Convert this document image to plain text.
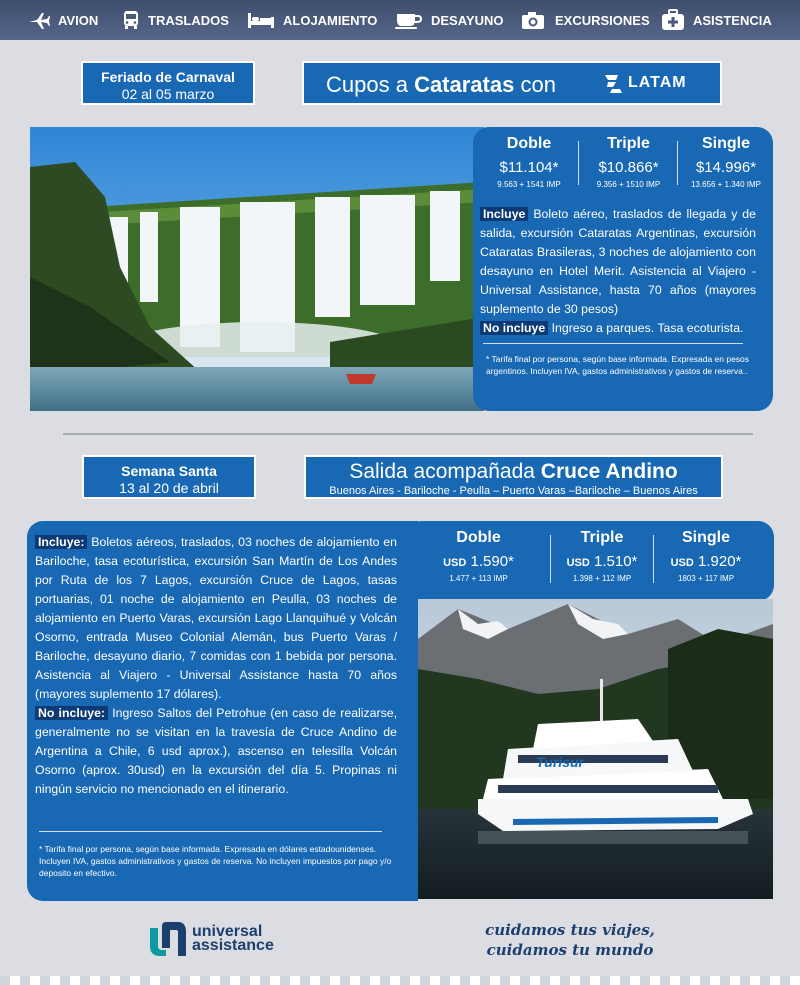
AVION	TRASLADOS	ALOJAMIENTO	DESAYUNO	EXCURSIONES	ASISTENCIA
Feriado de Carnaval
02 al 05 marzo	Cupos a Cataratas con	LATAM
Doble
$11.104*
9.563 + 1541 IMP
Triple
$10.866*
9.356 + 1510 IMP
Single
$14.996*
13.656 + 1.340 IMP
Incluye Boleto aéreo, traslados de llegada y de salida, excursión Cataratas Argentinas, excursión Cataratas Brasileras, 3 noches de alojamiento con desayuno en Hotel Merit. Asistencia al Viajero - Universal Assistance, hasta 70 años (mayores suplemento de 30 pesos)
No incluye Ingreso a parques. Tasa ecoturista.
* Tarifa final por persona, según base informada. Expresada en pesos argentinos. Incluyen IVA, gastos administrativos y gastos de reserva..
Semana Santa
13 al 20 de abril
Salida acompañada Cruce Andino
Buenos Aires - Bariloche - Peulla – Puerto Varas –Bariloche – Buenos Aires
Doble
USD 1.590*
1.477 + 113 IMP
Triple
USD 1.510*
1.398 + 112 IMP
Single
USD 1.920*
1803 + 117 IMP
Turisur
Incluye: Boletos aéreos, traslados, 03 noches de alojamiento en Bariloche, tasa ecoturística, excursión San Martín de Los Andes por Ruta de los 7 Lagos, excursión Cruce de Lagos, tasas portuarias, 01 noche de alojamiento en Peulla, 03 noches de alojamiento en Puerto Varas, excursión Lago Llanquihué y Volcán Osorno, entrada Museo Colonial Alemán, bus Puerto Varas / Bariloche, desayuno diario, 7 comidas con 1 bebida por persona. Asistencia al Viajero - Universal Assistance hasta 70 años (mayores suplemento 17 dólares).
No incluye: Ingreso Saltos del Petrohue (en caso de realizarse, generalmente no se visitan en la travesía de Cruce Andino de Argentina a Chile, 6 usd aprox.), ascenso en telesilla Volcán Osorno (aprox. 30usd) en la excursión del día 5. Propinas ni ningún servicio no mencionado en el itinerario.
* Tarifa final por persona, según base informada. Expresada en dólares estadounidenses. Incluyen IVA, gastos administrativos y gastos de reserva. No incluyen impuestos por pago y/o deposito en efectivo.
universal
assistance
cuidamos tus viajes,
cuidamos tu mundo
